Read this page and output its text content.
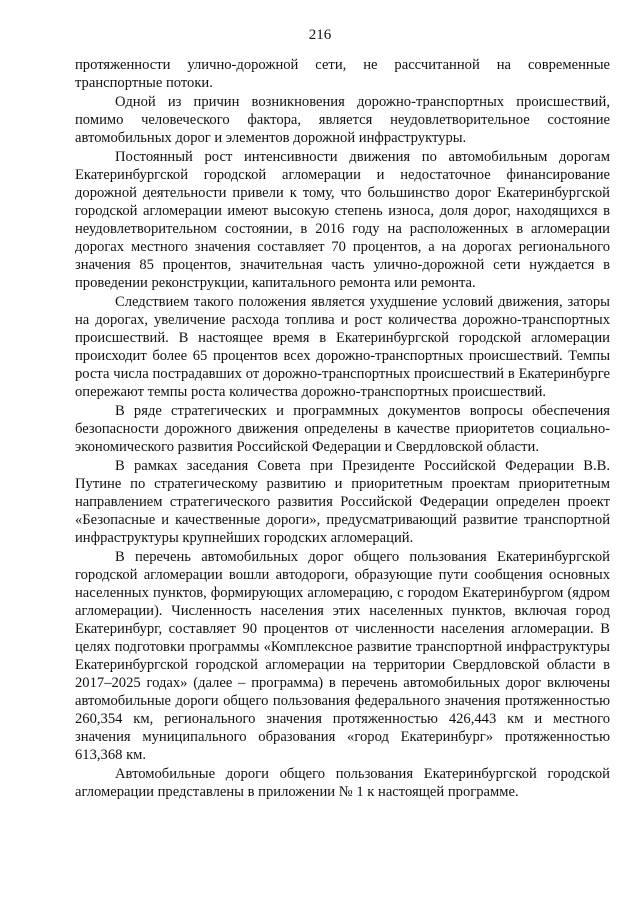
216

протяженности улично-дорожной сети, не рассчитанной на современные транспортные потоки.

Одной из причин возникновения дорожно-транспортных происшествий, помимо человеческого фактора, является неудовлетворительное состояние автомобильных дорог и элементов дорожной инфраструктуры.

Постоянный рост интенсивности движения по автомобильным дорогам Екатеринбургской городской агломерации и недостаточное финансирование дорожной деятельности привели к тому, что большинство дорог Екатеринбургской городской агломерации имеют высокую степень износа, доля дорог, находящихся в неудовлетворительном состоянии, в 2016 году на расположенных в агломерации дорогах местного значения составляет 70 процентов, а на дорогах регионального значения 85 процентов, значительная часть улично-дорожной сети нуждается в проведении реконструкции, капитального ремонта или ремонта.

Следствием такого положения является ухудшение условий движения, заторы на дорогах, увеличение расхода топлива и рост количества дорожно-транспортных происшествий. В настоящее время в Екатеринбургской городской агломерации происходит более 65 процентов всех дорожно-транспортных происшествий. Темпы роста числа пострадавших от дорожно-транспортных происшествий в Екатеринбурге опережают темпы роста количества дорожно-транспортных происшествий.

В ряде стратегических и программных документов вопросы обеспечения безопасности дорожного движения определены в качестве приоритетов социально-экономического развития Российской Федерации и Свердловской области.

В рамках заседания Совета при Президенте Российской Федерации В.В. Путине по стратегическому развитию и приоритетным проектам приоритетным направлением стратегического развития Российской Федерации определен проект «Безопасные и качественные дороги», предусматривающий развитие транспортной инфраструктуры крупнейших городских агломераций.

В перечень автомобильных дорог общего пользования Екатеринбургской городской агломерации вошли автодороги, образующие пути сообщения основных населенных пунктов, формирующих агломерацию, с городом Екатеринбургом (ядром агломерации). Численность населения этих населенных пунктов, включая город Екатеринбург, составляет 90 процентов от численности населения агломерации. В целях подготовки программы «Комплексное развитие транспортной инфраструктуры Екатеринбургской городской агломерации на территории Свердловской области в 2017–2025 годах» (далее – программа) в перечень автомобильных дорог включены автомобильные дороги общего пользования федерального значения протяженностью 260,354 км, регионального значения протяженностью 426,443 км и местного значения муниципального образования «город Екатеринбург» протяженностью 613,368 км.

Автомобильные дороги общего пользования Екатеринбургской городской агломерации представлены в приложении № 1 к настоящей программе.
